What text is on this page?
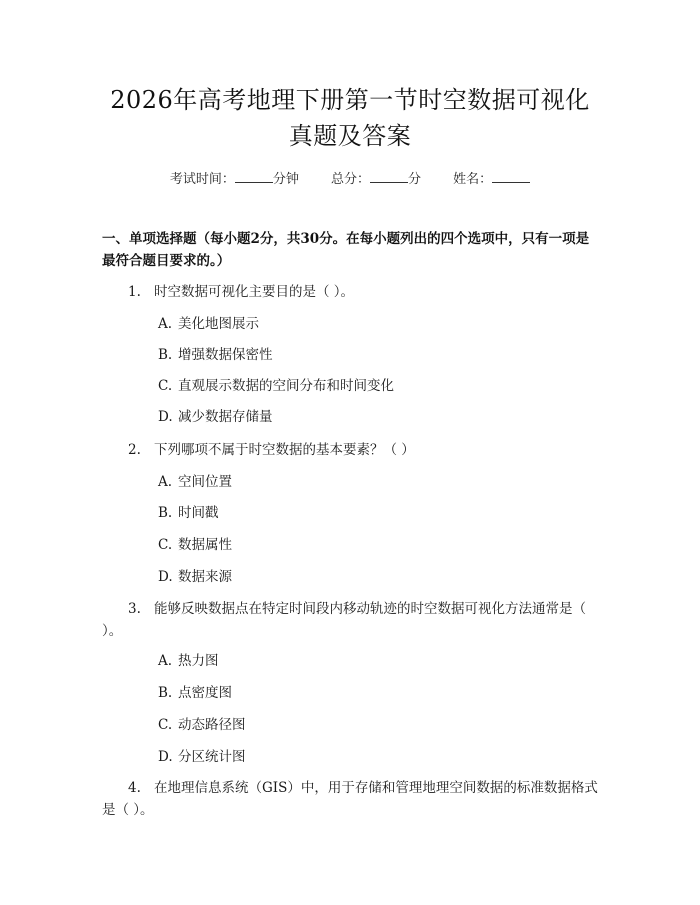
2026年高考地理下册第一节时空数据可视化
真题及答案
考试时间：	分钟 总分：	分 姓名：
一、单项选择题（每小题2分，共30分。在每小题列出的四个选项中，只有一项是最符合题目要求的。）
1. 时空数据可视化主要目的是（ ）。
A. 美化地图展示
B. 增强数据保密性
C. 直观展示数据的空间分布和时间变化
D. 减少数据存储量
2. 下列哪项不属于时空数据的基本要素？（ ）
A. 空间位置
B. 时间戳
C. 数据属性
D. 数据来源
3. 能够反映数据点在特定时间段内移动轨迹的时空数据可视化方法通常是（ ）。
A. 热力图
B. 点密度图
C. 动态路径图
D. 分区统计图
4. 在地理信息系统（GIS）中，用于存储和管理地理空间数据的标准数据格式是（ ）。
